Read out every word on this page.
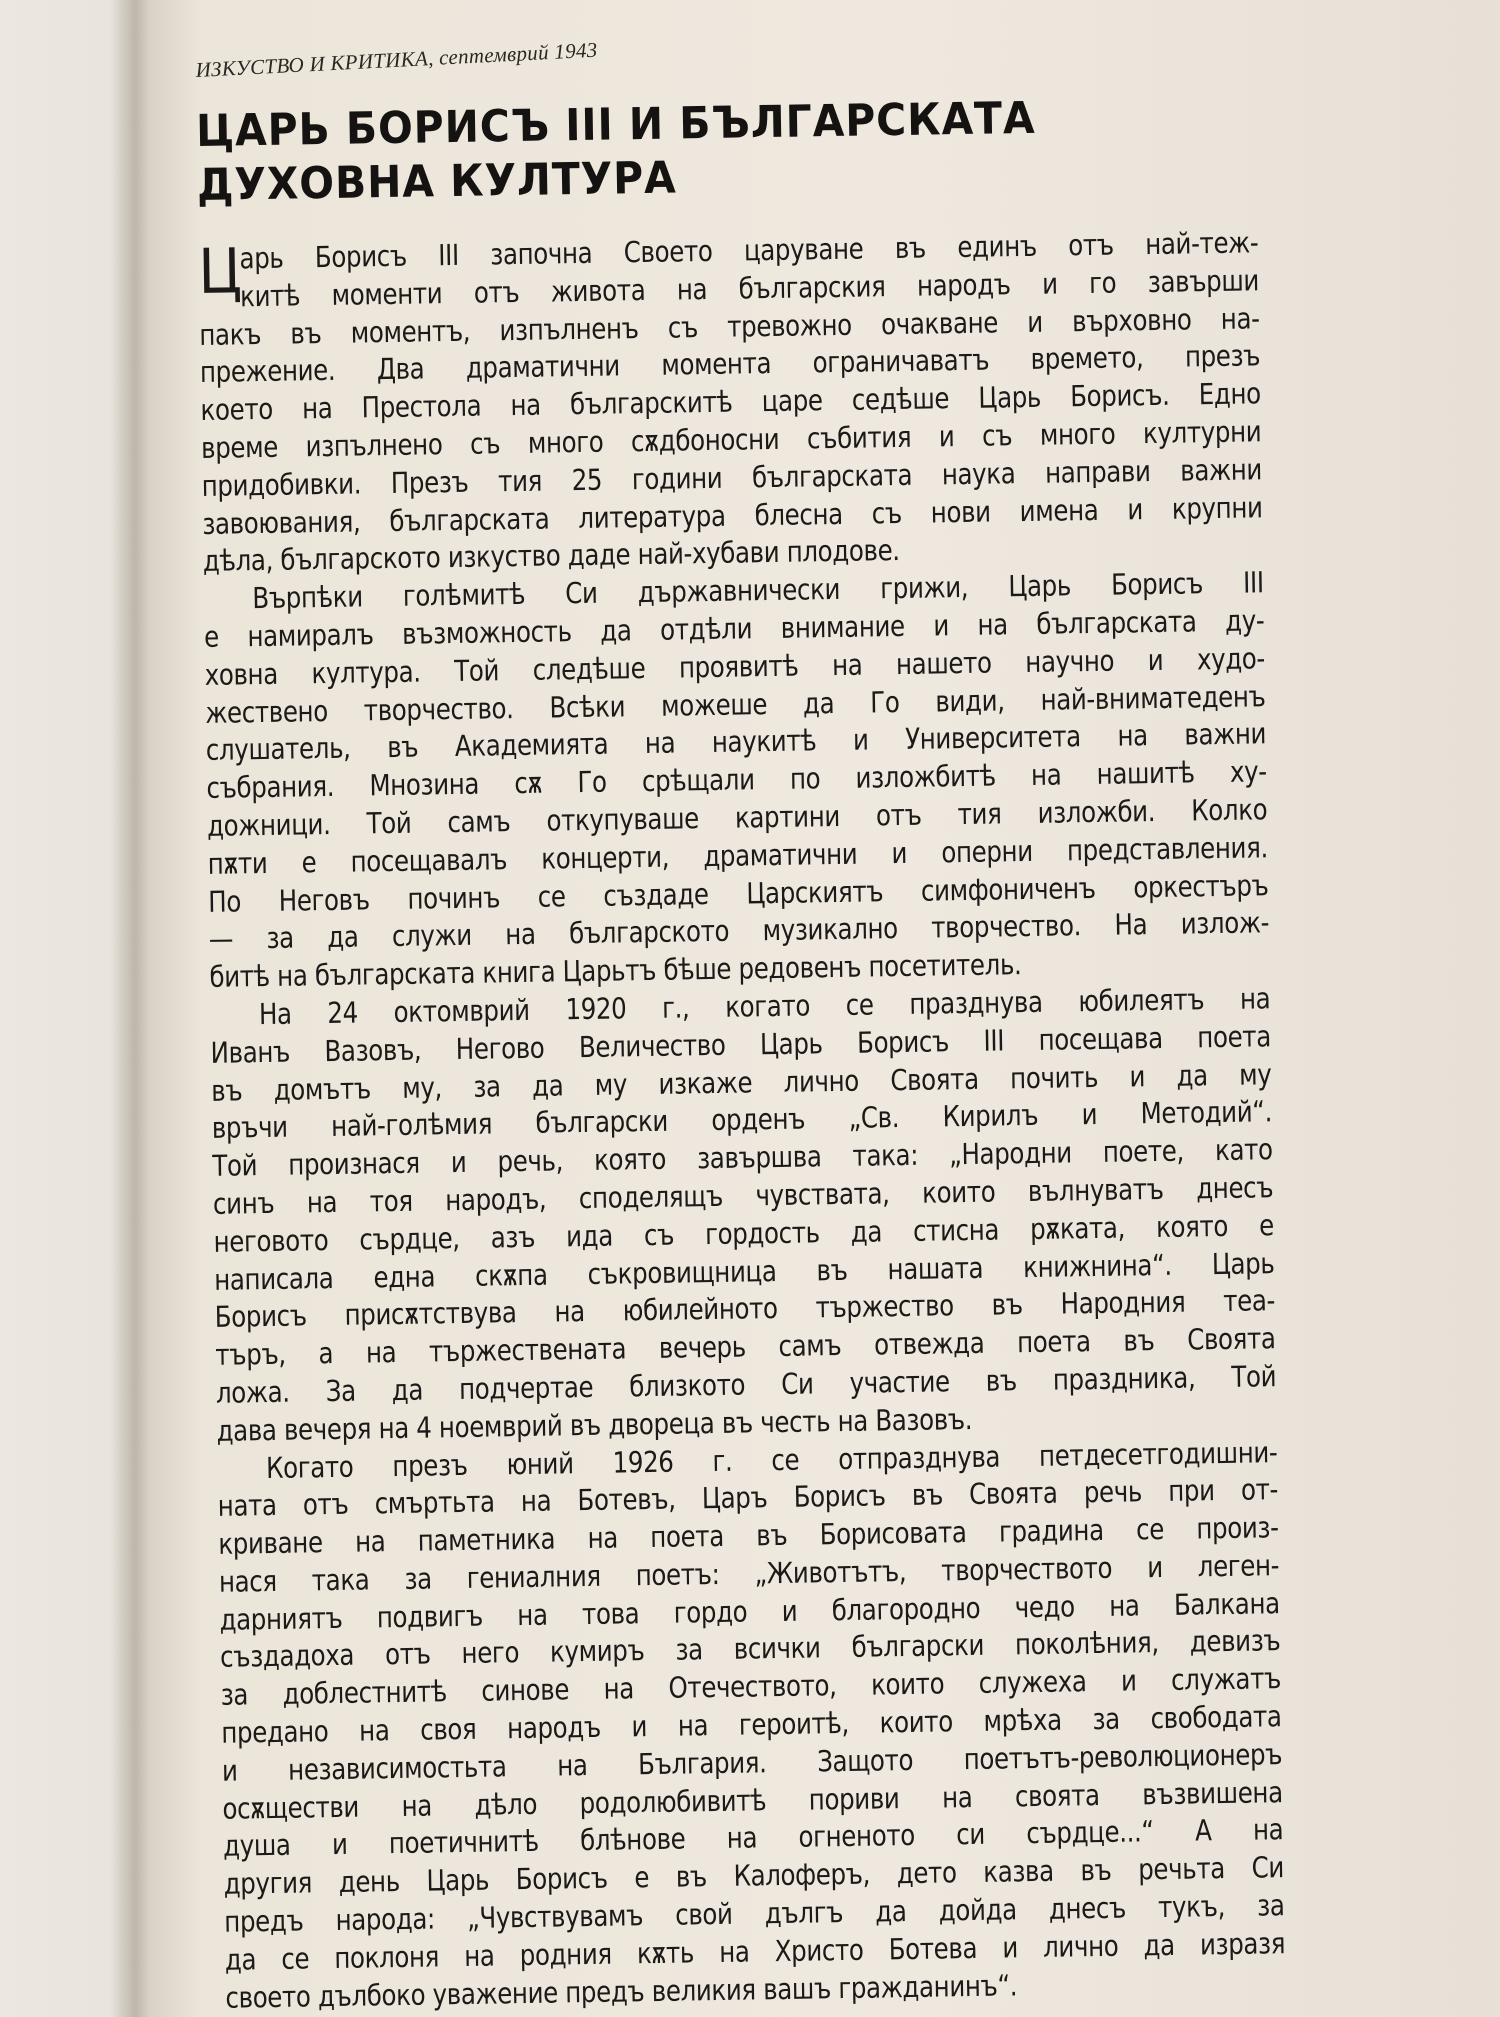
ИЗКУСТВО И КРИТИКА, септемврий 1943
ЦАРЬ БОРИСЪ III И БЪЛГАРСКАТА
ДУХОВНА КУЛТУРА
Ц
арь Борисъ III започна Своето царуване въ единъ отъ най-теж-
китѣ моменти отъ живота на българския народъ и го завърши
пакъ въ моментъ, изпълненъ съ тревожно очакване и върховно на-
прежение. Два драматични момента ограничаватъ времето, презъ
което на Престола на българскитѣ царе седѣше Царь Борисъ. Едно
време изпълнено съ много сѫдбоносни събития и съ много културни
придобивки. Презъ тия 25 години българската наука направи важни
завоювания, българската литература блесна съ нови имена и крупни
дѣла, българското изкуство даде най-хубави плодове.
Върпѣки голѣмитѣ Си държавнически грижи, Царь Борисъ III
е намиралъ възможность да отдѣли внимание и на българската ду-
ховна култура. Той следѣше проявитѣ на нашето научно и худо-
жествено творчество. Всѣки можеше да Го види, най-вниматеденъ
слушатель, въ Академията на наукитѣ и Университета на важни
събрания. Мнозина сѫ Го срѣщали по изложбитѣ на нашитѣ ху-
дожници. Той самъ откупуваше картини отъ тия изложби. Колко
пѫти е посещавалъ концерти, драматични и оперни представления.
По Неговъ починъ се създаде Царскиятъ симфониченъ оркестъръ
— за да служи на българското музикално творчество. На излож-
битѣ на българската книга Царьтъ бѣше редовенъ посетитель.
На 24 октомврий 1920 г., когато се празднува юбилеятъ на
Иванъ Вазовъ, Негово Величество Царь Борисъ III посещава поета
въ домътъ му, за да му изкаже лично Своята почить и да му
връчи най-голѣмия български орденъ „Св. Кирилъ и Методий“.
Той произнася и речь, която завършва така: „Народни поете, като
синъ на тоя народъ, споделящъ чувствата, които вълнуватъ днесъ
неговото сърдце, азъ ида съ гордость да стисна рѫката, която е
написала една скѫпа съкровищница въ нашата книжнина“. Царь
Борисъ присѫтствува на юбилейното тържество въ Народния теа-
търъ, а на тържествената вечерь самъ отвежда поета въ Своята
ложа. За да подчертае близкото Си участие въ праздника, Той
дава вечеря на 4 ноемврий въ двореца въ честь на Вазовъ.
Когато презъ юний 1926 г. се отпразднува петдесетгодишни-
ната отъ смъртьта на Ботевъ, Царъ Борисъ въ Своята речь при от-
криване на паметника на поета въ Борисовата градина се произ-
нася така за гениалния поетъ: „Животътъ, творчеството и леген-
дарниятъ подвигъ на това гордо и благородно чедо на Балкана
създадоха отъ него кумиръ за всички български поколѣния, девизъ
за доблестнитѣ синове на Отечеството, които служеха и служатъ
предано на своя народъ и на героитѣ, които мрѣха за свободата
и независимостьта на България. Защото поетътъ-революционеръ
осѫществи на дѣло родолюбивитѣ пориви на своята възвишена
душа и поетичнитѣ блѣнове на огненото си сърдце...“ А на
другия день Царь Борисъ е въ Калоферъ, дето казва въ речьта Си
предъ народа: „Чувствувамъ свой дългъ да дойда днесъ тукъ, за
да се поклоня на родния кѫть на Христо Ботева и лично да изразя
своето дълбоко уважение предъ великия вашъ гражданинъ“.
